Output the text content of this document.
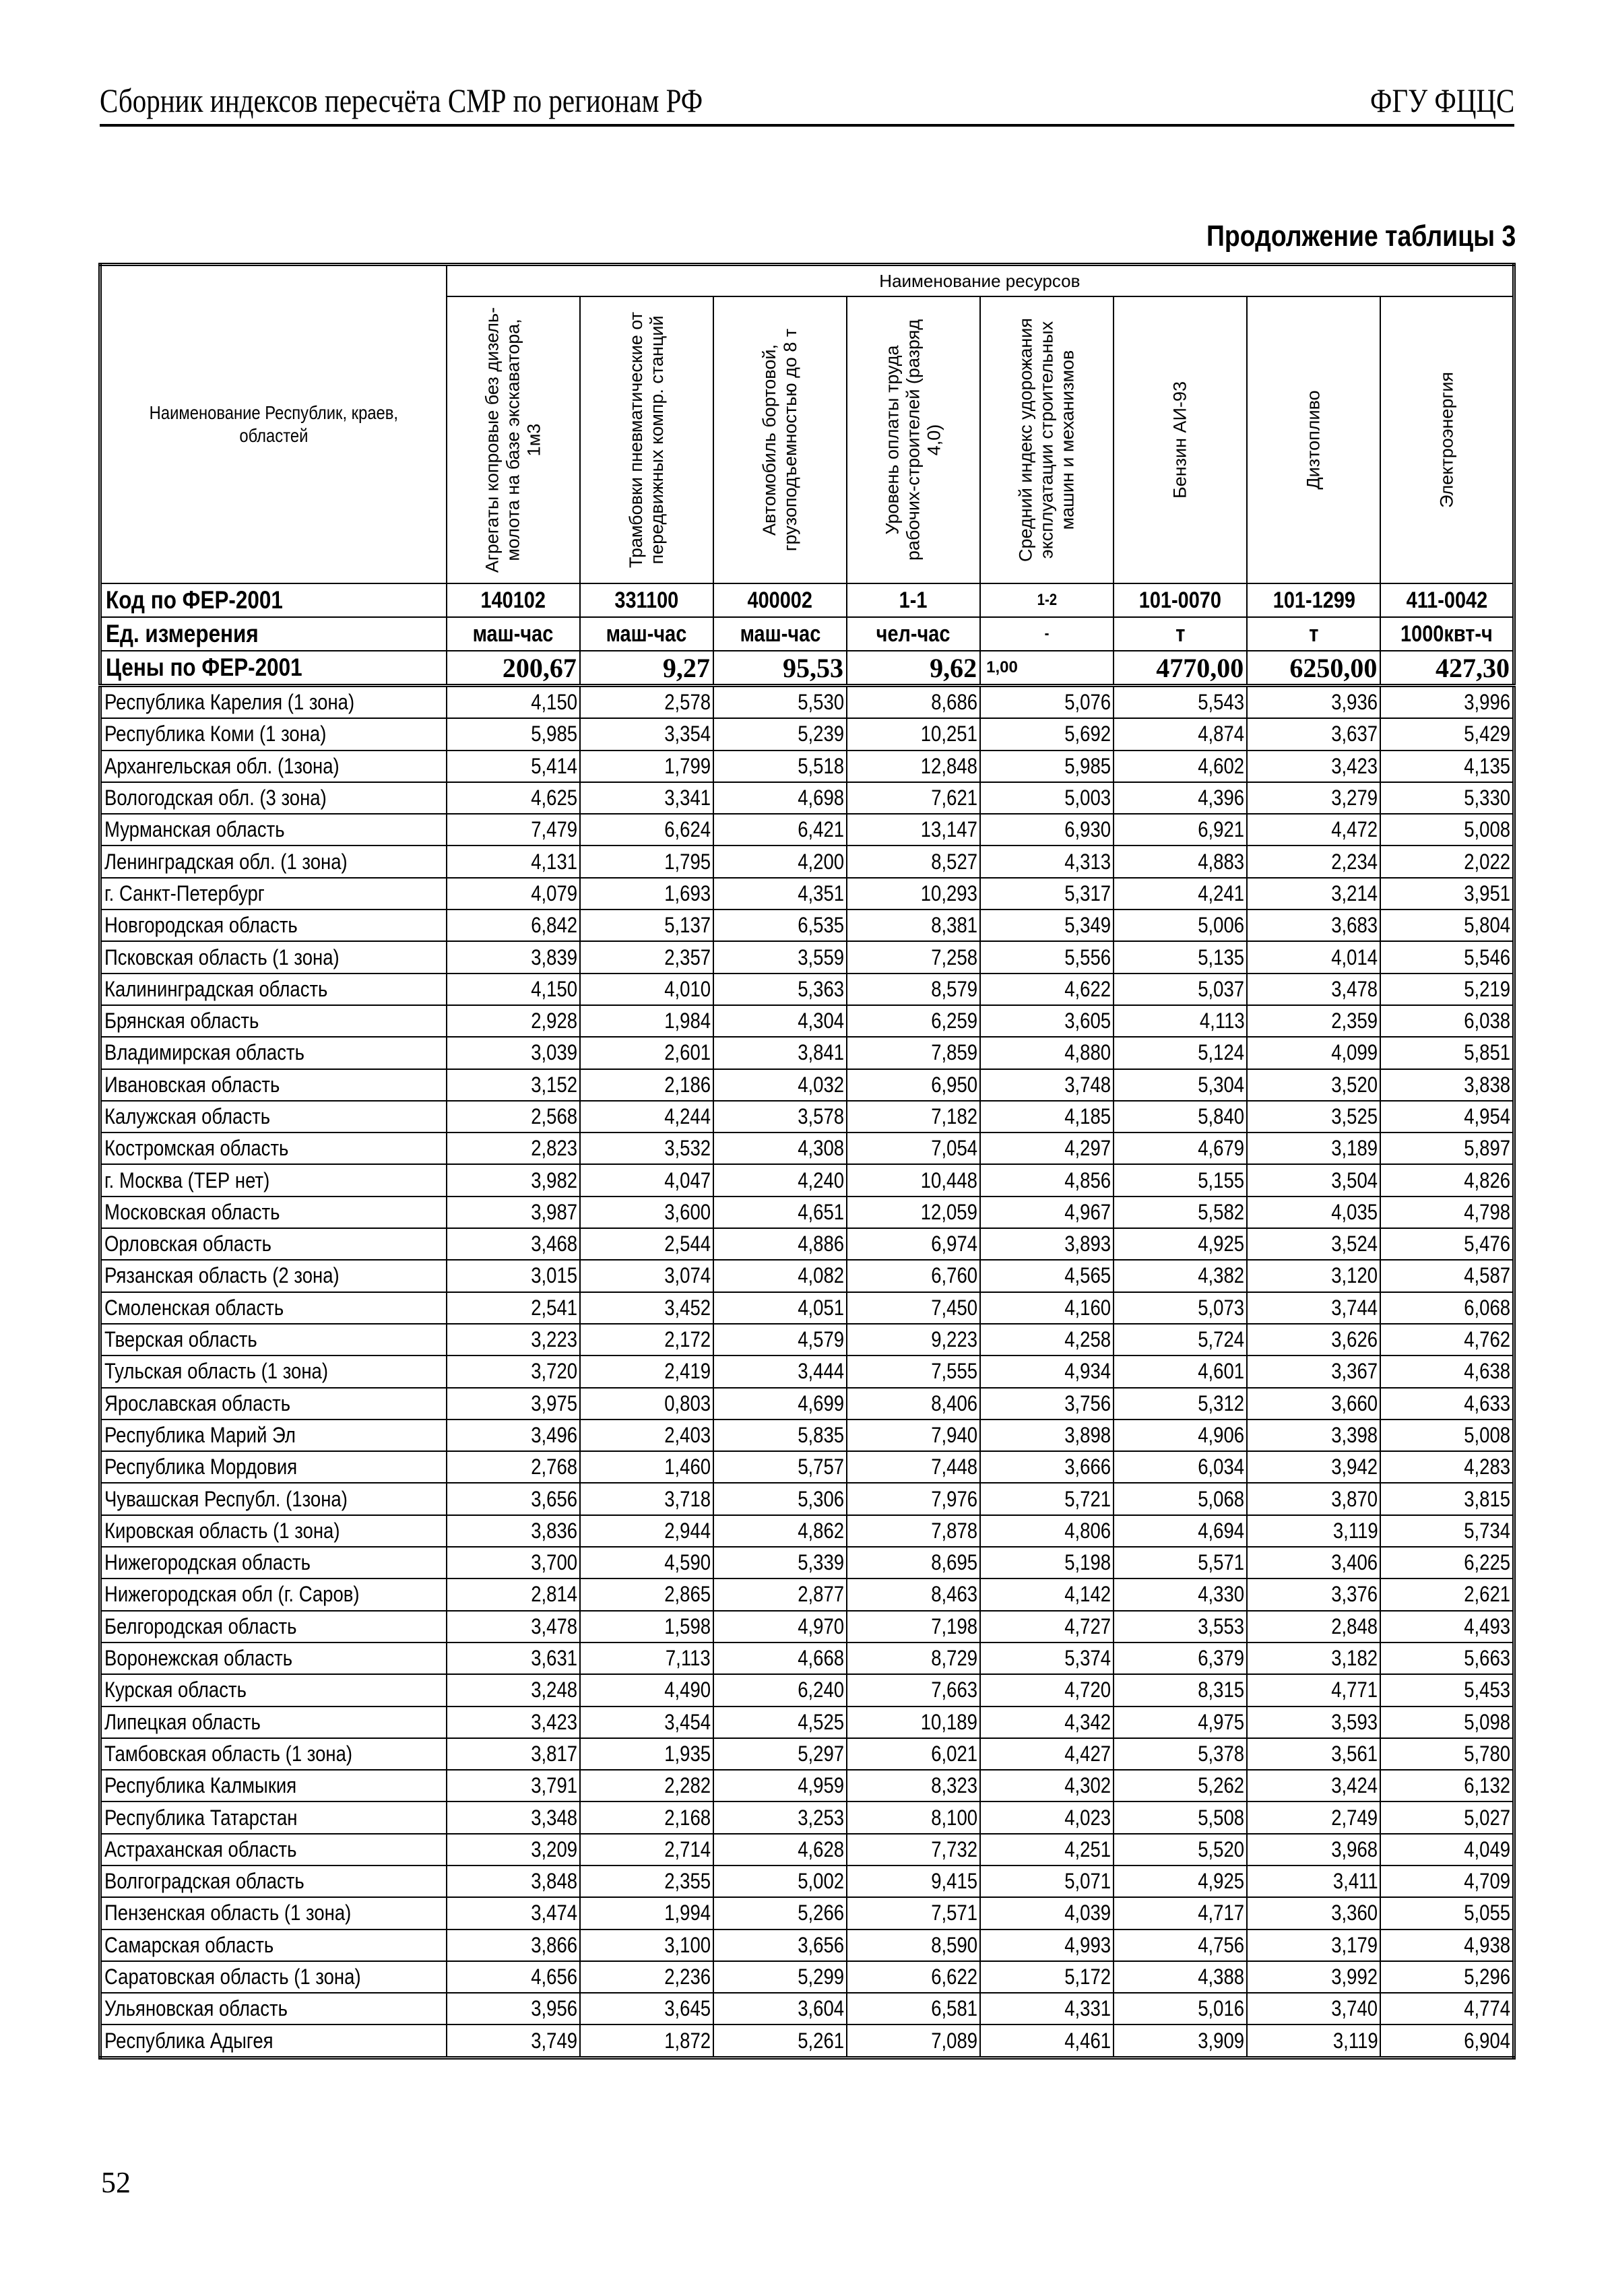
Сборник индексов пересчёта СМР по регионам РФ	ФГУ ФЦЦС
Продолжение таблицы 3
Наименование Республик, краев, областей	Наименование ресурсов							

	Агрегаты копровые без дизель-молота на базе экскаватора, 1м3	Трамбовки пневматические от передвижных компр. станций	Автомобиль бортовой, грузоподъемностью до 8 т	Уровень оплаты труда рабочих-строителей (разряд 4,0)	Средний индекс удорожания эксплуатации строительных машин и механизмов	Бензин АИ-93	Дизтопливо	Электроэнергия

Код по ФЕР-2001	140102	331100	400002	1-1	1-2	101-0070	101-1299	411-0042
Ед. измерения	маш-час	маш-час	маш-час	чел-час	-	т	т	1000квт-ч
Цены по ФЕР-2001	200,67	9,27	95,53	9,62	1,00	4770,00	6250,00	427,30
Республика Карелия (1 зона)	4,150	2,578	5,530	8,686	5,076	5,543	3,936	3,996
Республика Коми (1 зона)	5,985	3,354	5,239	10,251	5,692	4,874	3,637	5,429
Архангельская обл. (1зона)	5,414	1,799	5,518	12,848	5,985	4,602	3,423	4,135
Вологодская обл. (3 зона)	4,625	3,341	4,698	7,621	5,003	4,396	3,279	5,330
Мурманская область	7,479	6,624	6,421	13,147	6,930	6,921	4,472	5,008
Ленинградская обл. (1 зона)	4,131	1,795	4,200	8,527	4,313	4,883	2,234	2,022
г. Санкт-Петербург	4,079	1,693	4,351	10,293	5,317	4,241	3,214	3,951
Новгородская область	6,842	5,137	6,535	8,381	5,349	5,006	3,683	5,804
Псковская область (1 зона)	3,839	2,357	3,559	7,258	5,556	5,135	4,014	5,546
Калининградская область	4,150	4,010	5,363	8,579	4,622	5,037	3,478	5,219
Брянская область	2,928	1,984	4,304	6,259	3,605	4,113	2,359	6,038
Владимирская область	3,039	2,601	3,841	7,859	4,880	5,124	4,099	5,851
Ивановская область	3,152	2,186	4,032	6,950	3,748	5,304	3,520	3,838
Калужская область	2,568	4,244	3,578	7,182	4,185	5,840	3,525	4,954
Костромская область	2,823	3,532	4,308	7,054	4,297	4,679	3,189	5,897
г. Москва (ТЕР нет)	3,982	4,047	4,240	10,448	4,856	5,155	3,504	4,826
Московская область	3,987	3,600	4,651	12,059	4,967	5,582	4,035	4,798
Орловская область	3,468	2,544	4,886	6,974	3,893	4,925	3,524	5,476
Рязанская область (2 зона)	3,015	3,074	4,082	6,760	4,565	4,382	3,120	4,587
Смоленская область	2,541	3,452	4,051	7,450	4,160	5,073	3,744	6,068
Тверская область	3,223	2,172	4,579	9,223	4,258	5,724	3,626	4,762
Тульская область (1 зона)	3,720	2,419	3,444	7,555	4,934	4,601	3,367	4,638
Ярославская область	3,975	0,803	4,699	8,406	3,756	5,312	3,660	4,633
Республика Марий Эл	3,496	2,403	5,835	7,940	3,898	4,906	3,398	5,008
Республика Мордовия	2,768	1,460	5,757	7,448	3,666	6,034	3,942	4,283
Чувашская Республ. (1зона)	3,656	3,718	5,306	7,976	5,721	5,068	3,870	3,815
Кировская область (1 зона)	3,836	2,944	4,862	7,878	4,806	4,694	3,119	5,734
Нижегородская область	3,700	4,590	5,339	8,695	5,198	5,571	3,406	6,225
Нижегородская обл (г. Саров)	2,814	2,865	2,877	8,463	4,142	4,330	3,376	2,621
Белгородская область	3,478	1,598	4,970	7,198	4,727	3,553	2,848	4,493
Воронежская область	3,631	7,113	4,668	8,729	5,374	6,379	3,182	5,663
Курская область	3,248	4,490	6,240	7,663	4,720	8,315	4,771	5,453
Липецкая область	3,423	3,454	4,525	10,189	4,342	4,975	3,593	5,098
Тамбовская область (1 зона)	3,817	1,935	5,297	6,021	4,427	5,378	3,561	5,780
Республика Калмыкия	3,791	2,282	4,959	8,323	4,302	5,262	3,424	6,132
Республика Татарстан	3,348	2,168	3,253	8,100	4,023	5,508	2,749	5,027
Астраханская область	3,209	2,714	4,628	7,732	4,251	5,520	3,968	4,049
Волгоградская область	3,848	2,355	5,002	9,415	5,071	4,925	3,411	4,709
Пензенская область (1 зона)	3,474	1,994	5,266	7,571	4,039	4,717	3,360	5,055
Самарская область	3,866	3,100	3,656	8,590	4,993	4,756	3,179	4,938
Саратовская область (1 зона)	4,656	2,236	5,299	6,622	5,172	4,388	3,992	5,296
Ульяновская область	3,956	3,645	3,604	6,581	4,331	5,016	3,740	4,774
Республика Адыгея	3,749	1,872	5,261	7,089	4,461	3,909	3,119	6,904
52
